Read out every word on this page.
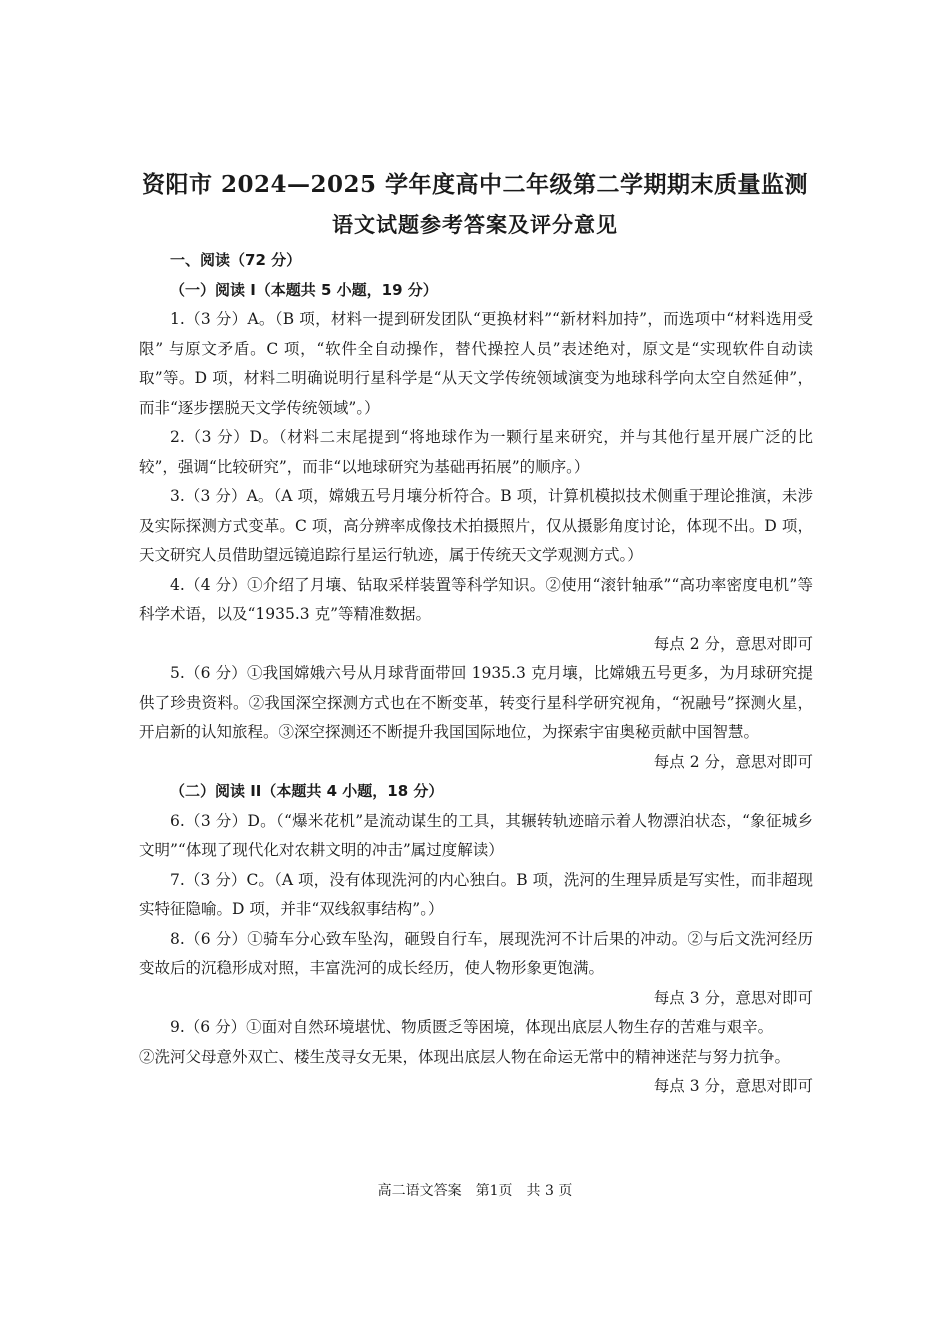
资阳市 2024—2025 学年度高中二年级第二学期期末质量监测
语文试题参考答案及评分意见
一、阅读（72 分）
（一）阅读 I（本题共 5 小题，19 分）

1.（3 分）A。（B 项，材料一提到研发团队“更换材料”“新材料加持”，而选项中“材料选用受限” 与原文矛盾。C 项，“软件全自动操作，替代操控人员”表述绝对，原文是“实现软件自动读取”等。D 项，材料二明确说明行星科学是“从天文学传统领域演变为地球科学向太空自然延伸”，而非“逐步摆脱天文学传统领域”。）

2.（3 分）D。（材料二末尾提到“将地球作为一颗行星来研究，并与其他行星开展广泛的比较”，强调“比较研究”，而非“以地球研究为基础再拓展”的顺序。）

3.（3 分）A。（A 项，嫦娥五号月壤分析符合。B 项，计算机模拟技术侧重于理论推演，未涉及实际探测方式变革。C 项，高分辨率成像技术拍摄照片，仅从摄影角度讨论，体现不出。D 项，天文研究人员借助望远镜追踪行星运行轨迹，属于传统天文学观测方式。）

4.（4 分）①介绍了月壤、钻取采样装置等科学知识。②使用“滚针轴承”“高功率密度电机”等科学术语，以及“1935.3 克”等精准数据。

每点 2 分，意思对即可

5.（6 分）①我国嫦娥六号从月球背面带回 1935.3 克月壤，比嫦娥五号更多，为月球研究提供了珍贵资料。②我国深空探测方式也在不断变革，转变行星科学研究视角，“祝融号”探测火星，开启新的认知旅程。③深空探测还不断提升我国国际地位，为探索宇宙奥秘贡献中国智慧。

每点 2 分，意思对即可

（二）阅读 II（本题共 4 小题，18 分）

6.（3 分）D。（“爆米花机”是流动谋生的工具，其辗转轨迹暗示着人物漂泊状态，“象征城乡文明”“体现了现代化对农耕文明的冲击”属过度解读）

7.（3 分）C。（A 项，没有体现洗河的内心独白。B 项，洗河的生理异质是写实性，而非超现实特征隐喻。D 项，并非“双线叙事结构”。）

8.（6 分）①骑车分心致车坠沟，砸毁自行车，展现洗河不计后果的冲动。②与后文洗河经历变故后的沉稳形成对照，丰富洗河的成长经历，使人物形象更饱满。

每点 3 分，意思对即可

9.（6 分）①面对自然环境堪忧、物质匮乏等困境，体现出底层人物生存的苦难与艰辛。

②洗河父母意外双亡、楼生茂寻女无果，体现出底层人物在命运无常中的精神迷茫与努力抗争。

每点 3 分，意思对即可

高二语文答案　第1页　共 3 页
